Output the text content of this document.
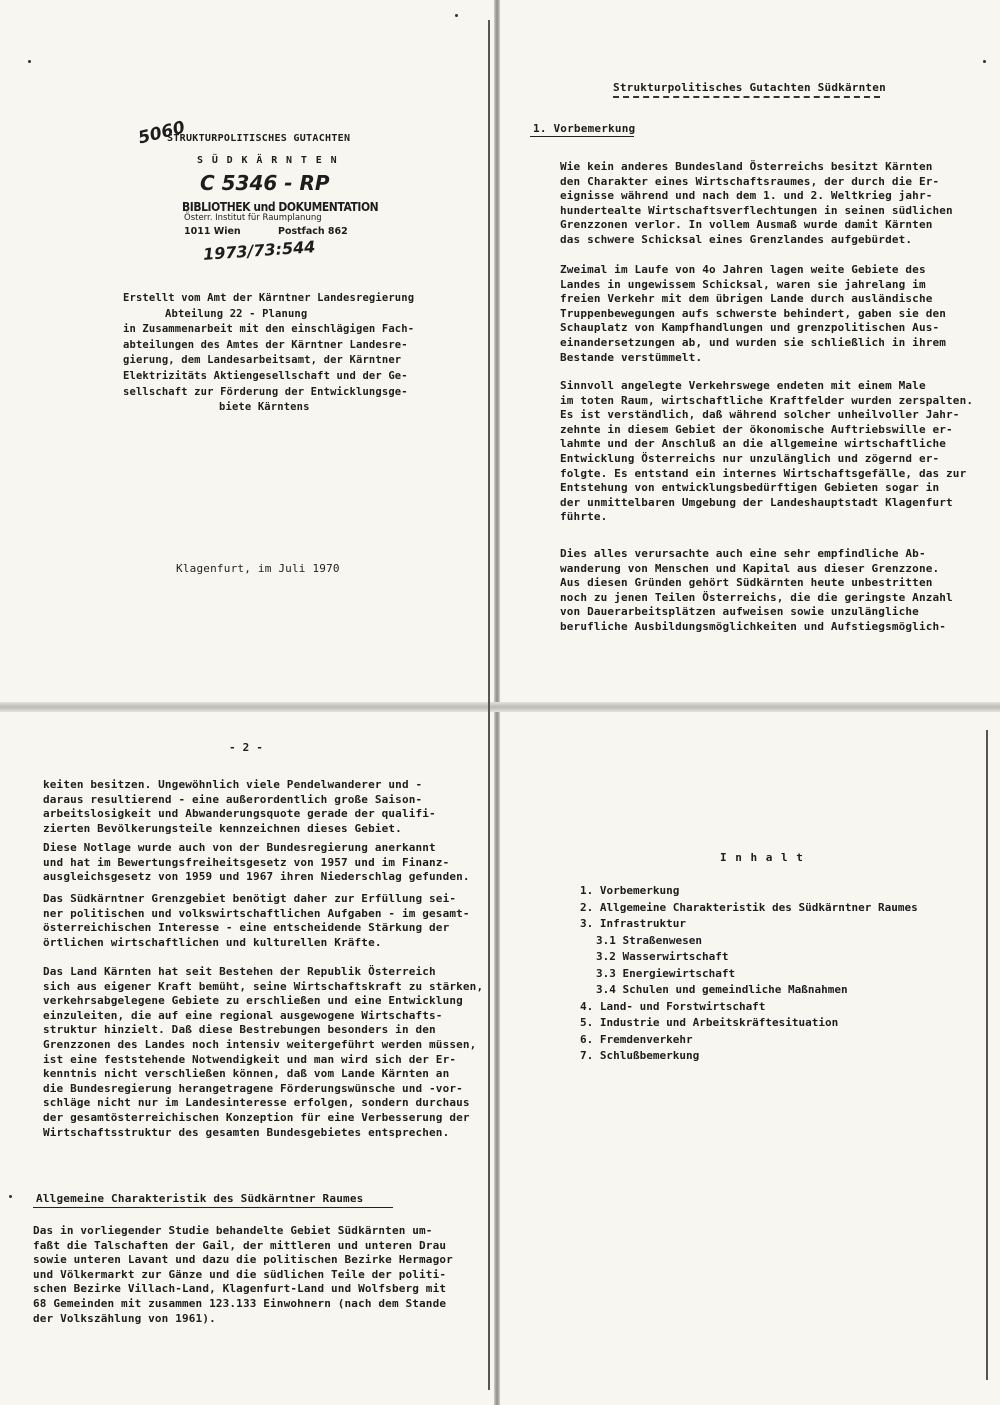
5060
STRUKTURPOLITISCHES GUTACHTEN
S Ü D K Ä R N T E N
C 5346 - RP
BIBLIOTHEK und DOKUMENTATION
Österr. Institut für Raumplanung
1011 Wien	Postfach 862
1973/73:544
Erstellt vom Amt der Kärntner Landesregierung
Abteilung 22 - Planung
in Zusammenarbeit mit den einschlägigen Fach-
abteilungen des Amtes der Kärntner Landesre-
gierung, dem Landesarbeitsamt, der Kärntner
Elektrizitäts Aktiengesellschaft und der Ge-
sellschaft zur Förderung der Entwicklungsge-
biete Kärntens
Klagenfurt, im Juli 1970
Strukturpolitisches Gutachten Südkärnten
1. Vorbemerkung
Wie kein anderes Bundesland Österreichs besitzt Kärnten
den Charakter eines Wirtschaftsraumes, der durch die Er-
eignisse während und nach dem 1. und 2. Weltkrieg jahr-
hundertealte Wirtschaftsverflechtungen in seinen südlichen
Grenzzonen verlor. In vollem Ausmaß wurde damit Kärnten
das schwere Schicksal eines Grenzlandes aufgebürdet.
Zweimal im Laufe von 4o Jahren lagen weite Gebiete des
Landes in ungewissem Schicksal, waren sie jahrelang im
freien Verkehr mit dem übrigen Lande durch ausländische
Truppenbewegungen aufs schwerste behindert, gaben sie den
Schauplatz von Kampfhandlungen und grenzpolitischen Aus-
einandersetzungen ab, und wurden sie schließlich in ihrem
Bestande verstümmelt.
Sinnvoll angelegte Verkehrswege endeten mit einem Male
im toten Raum, wirtschaftliche Kraftfelder wurden zerspalten.
Es ist verständlich, daß während solcher unheilvoller Jahr-
zehnte in diesem Gebiet der ökonomische Auftriebswille er-
lahmte und der Anschluß an die allgemeine wirtschaftliche
Entwicklung Österreichs nur unzulänglich und zögernd er-
folgte. Es entstand ein internes Wirtschaftsgefälle, das zur
Entstehung von entwicklungsbedürftigen Gebieten sogar in
der unmittelbaren Umgebung der Landeshauptstadt Klagenfurt
führte.
Dies alles verursachte auch eine sehr empfindliche Ab-
wanderung von Menschen und Kapital aus dieser Grenzzone.
Aus diesen Gründen gehört Südkärnten heute unbestritten
noch zu jenen Teilen Österreichs, die die geringste Anzahl
von Dauerarbeitsplätzen aufweisen sowie unzulängliche
berufliche Ausbildungsmöglichkeiten und Aufstiegsmöglich-
- 2 -
keiten besitzen. Ungewöhnlich viele Pendelwanderer und -
daraus resultierend - eine außerordentlich große Saison-
arbeitslosigkeit und Abwanderungsquote gerade der qualifi-
zierten Bevölkerungsteile kennzeichnen dieses Gebiet.
Diese Notlage wurde auch von der Bundesregierung anerkannt
und hat im Bewertungsfreiheitsgesetz von 1957 und im Finanz-
ausgleichsgesetz von 1959 und 1967 ihren Niederschlag gefunden.
Das Südkärntner Grenzgebiet benötigt daher zur Erfüllung sei-
ner politischen und volkswirtschaftlichen Aufgaben - im gesamt-
österreichischen Interesse - eine entscheidende Stärkung der
örtlichen wirtschaftlichen und kulturellen Kräfte.
Das Land Kärnten hat seit Bestehen der Republik Österreich
sich aus eigener Kraft bemüht, seine Wirtschaftskraft zu stärken,
verkehrsabgelegene Gebiete zu erschließen und eine Entwicklung
einzuleiten, die auf eine regional ausgewogene Wirtschafts-
struktur hinzielt. Daß diese Bestrebungen besonders in den
Grenzzonen des Landes noch intensiv weitergeführt werden müssen,
ist eine feststehende Notwendigkeit und man wird sich der Er-
kenntnis nicht verschließen können, daß vom Lande Kärnten an
die Bundesregierung herangetragene Förderungswünsche und -vor-
schläge nicht nur im Landesinteresse erfolgen, sondern durchaus
der gesamtösterreichischen Konzeption für eine Verbesserung der
Wirtschaftsstruktur des gesamten Bundesgebietes entsprechen.
Allgemeine Charakteristik des Südkärntner Raumes
Das in vorliegender Studie behandelte Gebiet Südkärnten um-
faßt die Talschaften der Gail, der mittleren und unteren Drau
sowie unteren Lavant und dazu die politischen Bezirke Hermagor
und Völkermarkt zur Gänze und die südlichen Teile der politi-
schen Bezirke Villach-Land, Klagenfurt-Land und Wolfsberg mit
68 Gemeinden mit zusammen 123.133 Einwohnern (nach dem Stande
der Volkszählung von 1961).
I n h a l t
1. Vorbemerkung
2. Allgemeine Charakteristik des Südkärntner Raumes
3. Infrastruktur
3.1 Straßenwesen
3.2 Wasserwirtschaft
3.3 Energiewirtschaft
3.4 Schulen und gemeindliche Maßnahmen
4. Land- und Forstwirtschaft
5. Industrie und Arbeitskräftesituation
6. Fremdenverkehr
7. Schlußbemerkung
